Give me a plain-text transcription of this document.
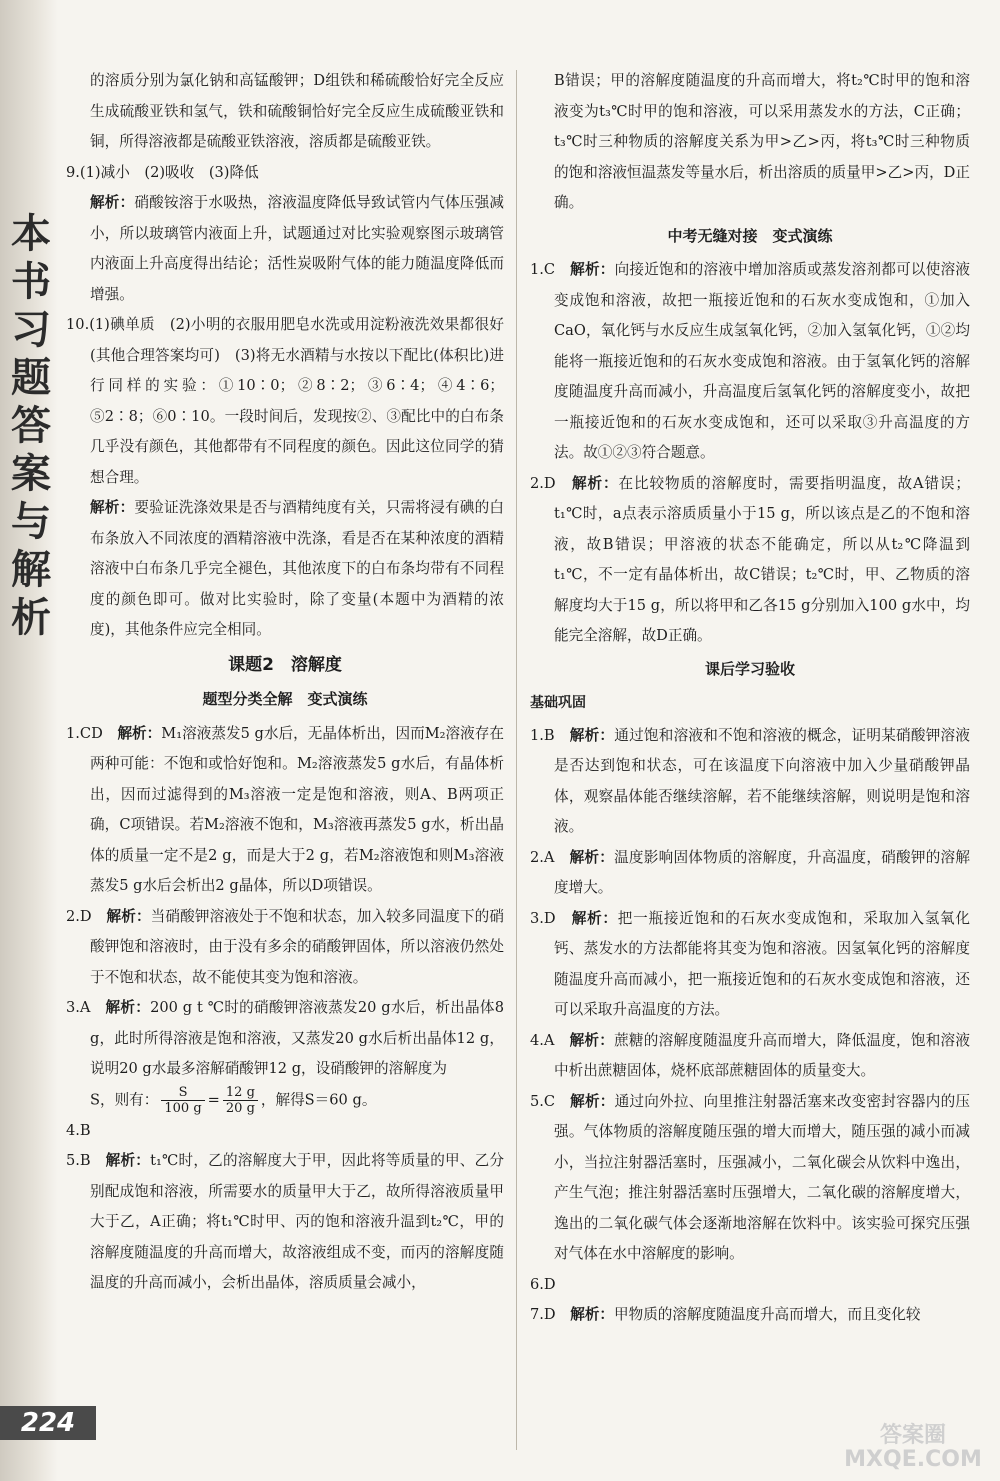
本书习题答案与解析
224

的溶质分别为氯化钠和高锰酸钾；D组铁和稀硫酸恰好完全反应生成硫酸亚铁和氢气，铁和硫酸铜恰好完全反应生成硫酸亚铁和铜，所得溶液都是硫酸亚铁溶液，溶质都是硫酸亚铁。

9.(1)减小　(2)吸收　(3)降低

解析：硝酸铵溶于水吸热，溶液温度降低导致试管内气体压强减小，所以玻璃管内液面上升，试题通过对比实验观察图示玻璃管内液面上升高度得出结论；活性炭吸附气体的能力随温度降低而增强。

10.(1)碘单质　(2)小明的衣服用肥皂水洗或用淀粉液洗效果都很好(其他合理答案均可)　(3)将无水酒精与水按以下配比(体积比)进行同样的实验：①10∶0；②8∶2；③6∶4；④4∶6；⑤2∶8；⑥0∶10。一段时间后，发现按②、③配比中的白布条几乎没有颜色，其他都带有不同程度的颜色。因此这位同学的猜想合理。

解析：要验证洗涤效果是否与酒精纯度有关，只需将浸有碘的白布条放入不同浓度的酒精溶液中洗涤，看是否在某种浓度的酒精溶液中白布条几乎完全褪色，其他浓度下的白布条均带有不同程度的颜色即可。做对比实验时，除了变量(本题中为酒精的浓度)，其他条件应完全相同。

课题2　溶解度
题型分类全解　变式演练

1.CD　解析：M₁溶液蒸发5 g水后，无晶体析出，因而M₂溶液存在两种可能：不饱和或恰好饱和。M₂溶液蒸发5 g水后，有晶体析出，因而过滤得到的M₃溶液一定是饱和溶液，则A、B两项正确，C项错误。若M₂溶液不饱和，M₃溶液再蒸发5 g水，析出晶体的质量一定不是2 g，而是大于2 g，若M₂溶液饱和则M₃溶液蒸发5 g水后会析出2 g晶体，所以D项错误。

2.D　解析：当硝酸钾溶液处于不饱和状态，加入较多同温度下的硝酸钾饱和溶液时，由于没有多余的硝酸钾固体，所以溶液仍然处于不饱和状态，故不能使其变为饱和溶液。

3.A　解析：200 g t ℃时的硝酸钾溶液蒸发20 g水后，析出晶体8 g，此时所得溶液是饱和溶液，又蒸发20 g水后析出晶体12 g，说明20 g水最多溶解硝酸钾12 g，设硝酸钾的溶解度为

S，则有： $\frac{S}{100 g} = \frac{12 g}{20 g}$ ，解得S＝60 g。

4.B

5.B　解析：t₁℃时，乙的溶解度大于甲，因此将等质量的甲、乙分别配成饱和溶液，所需要水的质量甲大于乙，故所得溶液质量甲大于乙，A正确；将t₁℃时甲、丙的饱和溶液升温到t₂℃，甲的溶解度随温度的升高而增大，故溶液组成不变，而丙的溶解度随温度的升高而减小，会析出晶体，溶质质量会减小，

B错误；甲的溶解度随温度的升高而增大，将t₂℃时甲的饱和溶液变为t₃℃时甲的饱和溶液，可以采用蒸发水的方法，C正确；t₃℃时三种物质的溶解度关系为甲>乙>丙，将t₃℃时三种物质的饱和溶液恒温蒸发等量水后，析出溶质的质量甲>乙>丙，D正确。

中考无缝对接　变式演练

1.C　解析：向接近饱和的溶液中增加溶质或蒸发溶剂都可以使溶液变成饱和溶液，故把一瓶接近饱和的石灰水变成饱和，①加入CaO，氧化钙与水反应生成氢氧化钙，②加入氢氧化钙，①②均能将一瓶接近饱和的石灰水变成饱和溶液。由于氢氧化钙的溶解度随温度升高而减小，升高温度后氢氧化钙的溶解度变小，故把一瓶接近饱和的石灰水变成饱和，还可以采取③升高温度的方法。故①②③符合题意。

2.D　解析：在比较物质的溶解度时，需要指明温度，故A错误；t₁℃时，a点表示溶质质量小于15 g，所以该点是乙的不饱和溶液，故B错误；甲溶液的状态不能确定，所以从t₂℃降温到t₁℃，不一定有晶体析出，故C错误；t₂℃时，甲、乙物质的溶解度均大于15 g，所以将甲和乙各15 g分别加入100 g水中，均能完全溶解，故D正确。

课后学习验收
基础巩固

1.B　解析：通过饱和溶液和不饱和溶液的概念，证明某硝酸钾溶液是否达到饱和状态，可在该温度下向溶液中加入少量硝酸钾晶体，观察晶体能否继续溶解，若不能继续溶解，则说明是饱和溶液。

2.A　解析：温度影响固体物质的溶解度，升高温度，硝酸钾的溶解度增大。

3.D　解析：把一瓶接近饱和的石灰水变成饱和，采取加入氢氧化钙、蒸发水的方法都能将其变为饱和溶液。因氢氧化钙的溶解度随温度升高而减小，把一瓶接近饱和的石灰水变成饱和溶液，还可以采取升高温度的方法。

4.A　解析：蔗糖的溶解度随温度升高而增大，降低温度，饱和溶液中析出蔗糖固体，烧杯底部蔗糖固体的质量变大。

5.C　解析：通过向外拉、向里推注射器活塞来改变密封容器内的压强。气体物质的溶解度随压强的增大而增大，随压强的减小而减小，当拉注射器活塞时，压强减小，二氧化碳会从饮料中逸出，产生气泡；推注射器活塞时压强增大，二氧化碳的溶解度增大，逸出的二氧化碳气体会逐渐地溶解在饮料中。该实验可探究压强对气体在水中溶解度的影响。

6.D

7.D　解析：甲物质的溶解度随温度升高而增大，而且变化较

答案圈 MXQE.COM
